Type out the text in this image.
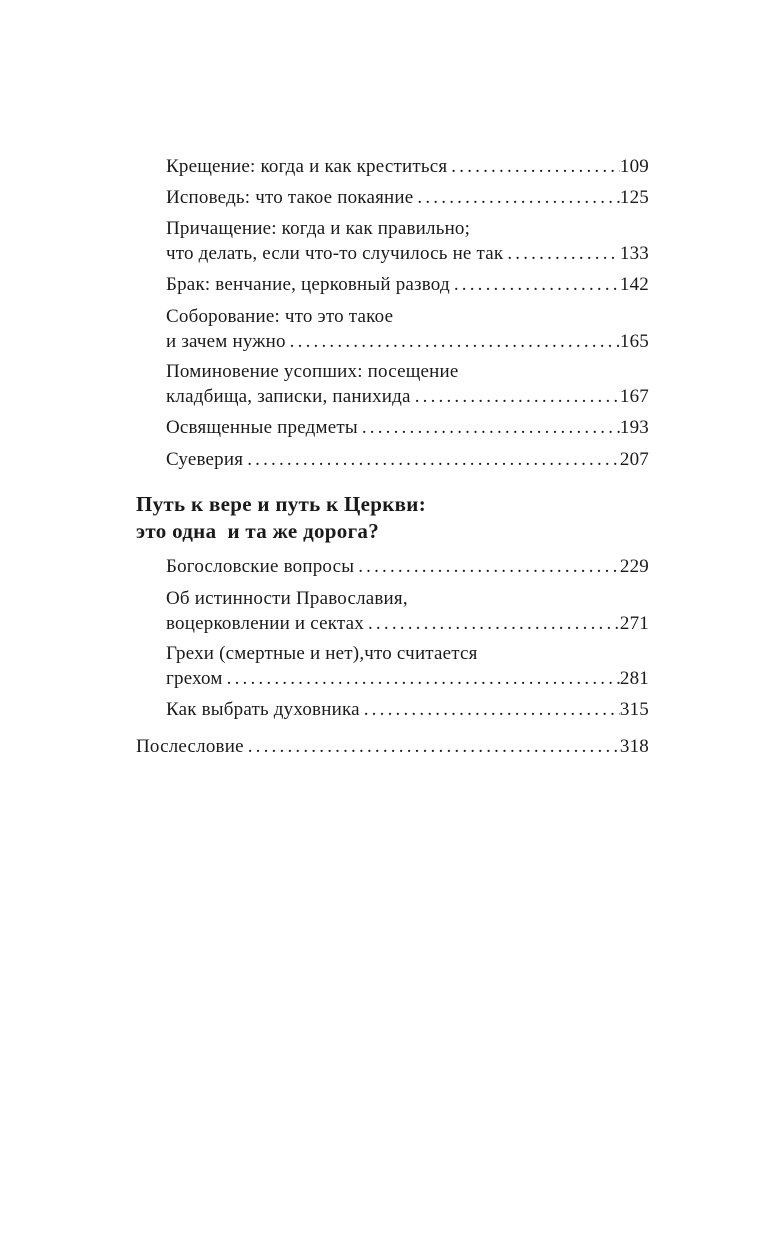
Крещение: когда и как креститься .....	109
Исповедь: что такое покаяние .....	125
Причащение: когда и как правильно;
что делать, если что-то случилось не так .....	133
Брак: венчание, церковный развод .....	142
Соборование: что это такое
и зачем нужно .....	165
Поминовение усопших: посещение
кладбища, записки, панихида .....	167
Освященные предметы .....	193
Суеверия .....	207
Путь к вере и путь к Церкви:
это одна  и та же дорога?
Богословские вопросы .....	229
Об истинности Православия,
воцерковлении и сектах .....	271
Грехи (смертные и нет),что считается
грехом .....	281
Как выбрать духовника .....	315
Послесловие .....	318
